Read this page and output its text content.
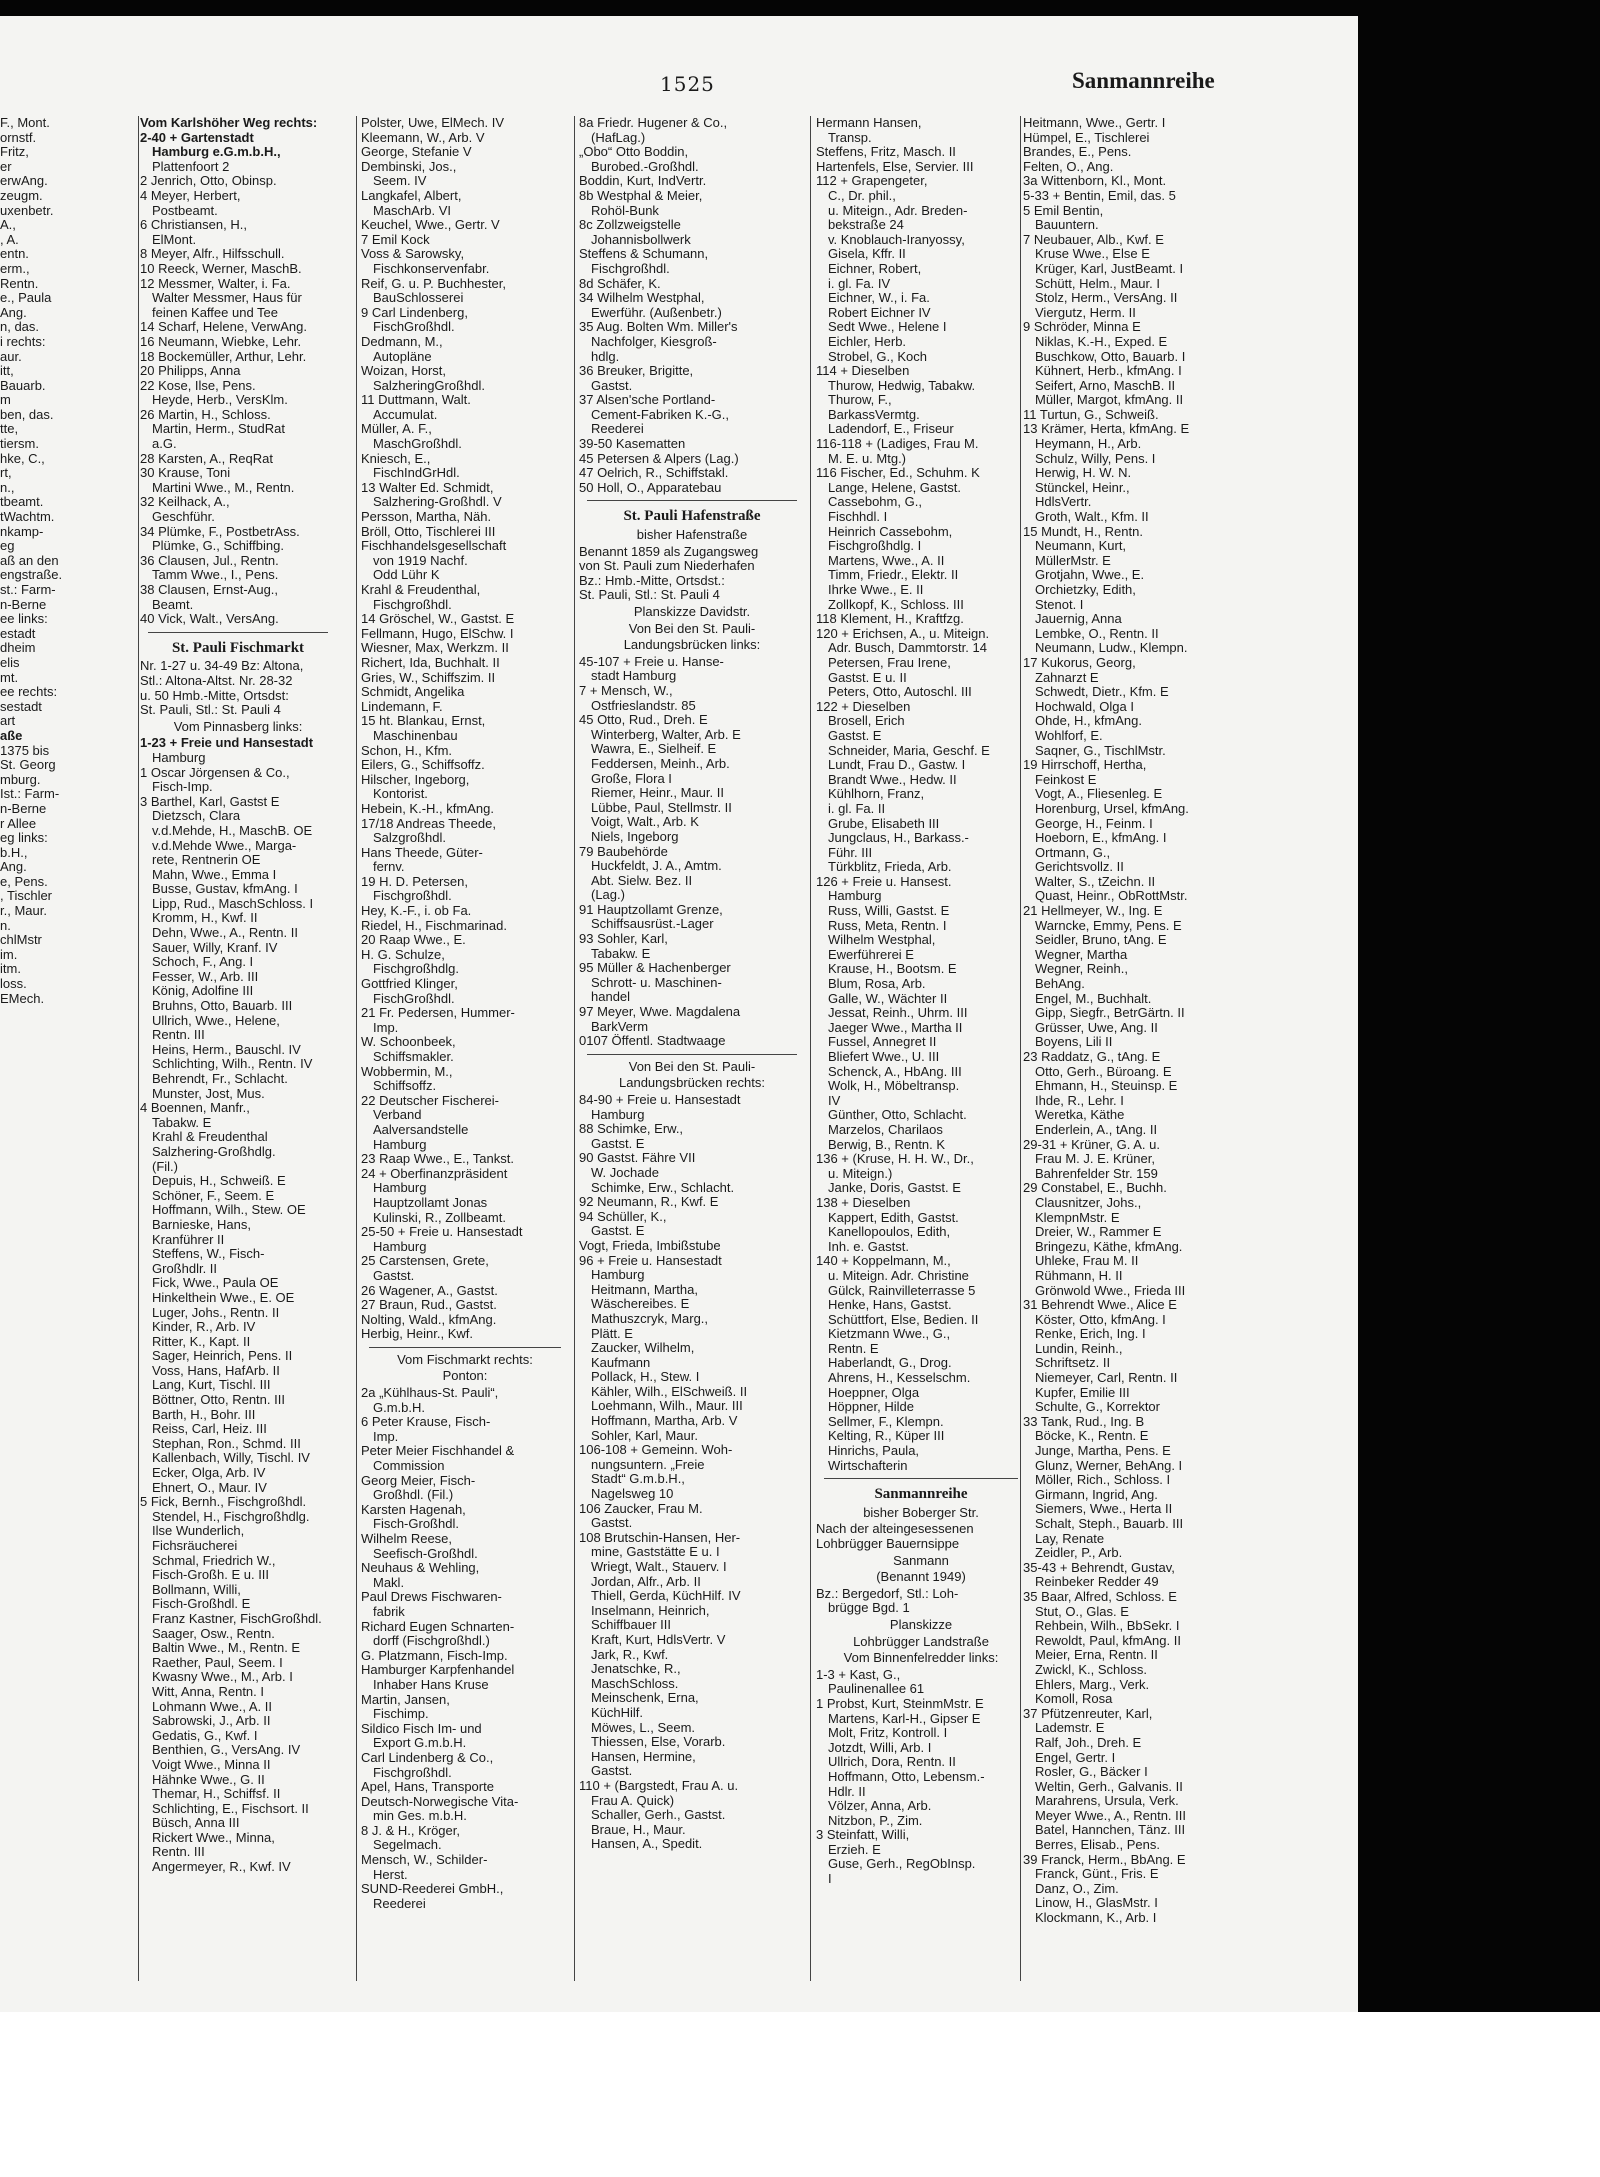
1525	Sanmannreihe
F., Mont.
ornstf.
Fritz,
er
erwAng.
zeugm.
uxenbetr.
A.,
, A.
entn.
erm.,
Rentn.
e., Paula
Ang.
n, das.
i rechts:
aur.
itt,
Bauarb.
m
ben, das.
tte,
tiersm.
hke, C.,
rt,
n.,
tbeamt.
tWachtm.
nkamp-
eg
aß an den
engstraße.
st.: Farm-
n-Berne
ee links:
estadt
dheim
elis
mt.
ee rechts:
sestadt
art
aße
1375 bis
St. Georg
mburg.
Ist.: Farm-
n-Berne
r Allee
eg links:
b.H.,
Ang.
e, Pens.
, Tischler
r., Maur.
n.
chlMstr
im.
itm.
loss.
EMech.
Vom Karlshöher Weg rechts:
2-40 + Gartenstadt
Hamburg e.G.m.b.H.,
Plattenfoort 2
2 Jenrich, Otto, Obinsp.
4 Meyer, Herbert,
Postbeamt.
6 Christiansen, H.,
ElMont.
8 Meyer, Alfr., Hilfsschull.
10 Reeck, Werner, MaschB.
12 Messmer, Walter, i. Fa.
Walter Messmer, Haus für
feinen Kaffee und Tee
14 Scharf, Helene, VerwAng.
16 Neumann, Wiebke, Lehr.
18 Bockemüller, Arthur, Lehr.
20 Philipps, Anna
22 Kose, Ilse, Pens.
Heyde, Herb., VersKlm.
26 Martin, H., Schloss.
Martin, Herm., StudRat
a.G.
28 Karsten, A., ReqRat
30 Krause, Toni
Martini Wwe., M., Rentn.
32 Keilhack, A.,
Geschführ.
34 Plümke, F., PostbetrAss.
Plümke, G., Schiffbing.
36 Clausen, Jul., Rentn.
Tamm Wwe., I., Pens.
38 Clausen, Ernst-Aug.,
Beamt.
40 Vick, Walt., VersAng.
St. Pauli Fischmarkt
Nr. 1-27 u. 34-49 Bz: Altona,
Stl.: Altona-Altst. Nr. 28-32
u. 50 Hmb.-Mitte, Ortsdst:
St. Pauli, Stl.: St. Pauli 4
Vom Pinnasberg links:
1-23 + Freie und Hansestadt
Hamburg
1 Oscar Jörgensen & Co.,
Fisch-Imp.
3 Barthel, Karl, Gastst E
Dietzsch, Clara
v.d.Mehde, H., MaschB. OE
v.d.Mehde Wwe., Marga-
rete, Rentnerin OE
Mahn, Wwe., Emma I
Busse, Gustav, kfmAng. I
Lipp, Rud., MaschSchloss. I
Kromm, H., Kwf. II
Dehn, Wwe., A., Rentn. II
Sauer, Willy, Kranf. IV
Schoch, F., Ang. I
Fesser, W., Arb. III
König, Adolfine III
Bruhns, Otto, Bauarb. III
Ullrich, Wwe., Helene,
Rentn. III
Heins, Herm., Bauschl. IV
Schlichting, Wilh., Rentn. IV
Behrendt, Fr., Schlacht.
Munster, Jost, Mus.
4 Boennen, Manfr.,
Tabakw. E
Krahl & Freudenthal
Salzhering-Großhdlg.
(Fil.)
Depuis, H., Schweiß. E
Schöner, F., Seem. E
Hoffmann, Wilh., Stew. OE
Barnieske, Hans,
Kranführer II
Steffens, W., Fisch-
Großhdlr. II
Fick, Wwe., Paula OE
Hinkelthein Wwe., E. OE
Luger, Johs., Rentn. II
Kinder, R., Arb. IV
Ritter, K., Kapt. II
Sager, Heinrich, Pens. II
Voss, Hans, HafArb. II
Lang, Kurt, Tischl. III
Böttner, Otto, Rentn. III
Barth, H., Bohr. III
Reiss, Carl, Heiz. III
Stephan, Ron., Schmd. III
Kallenbach, Willy, Tischl. IV
Ecker, Olga, Arb. IV
Ehnert, O., Maur. IV
5 Fick, Bernh., Fischgroßhdl.
Stendel, H., Fischgroßhdlg.
Ilse Wunderlich,
Fichsräucherei
Schmal, Friedrich W.,
Fisch-Großh. E u. III
Bollmann, Willi,
Fisch-Großhdl. E
Franz Kastner, FischGroßhdl.
Saager, Osw., Rentn.
Baltin Wwe., M., Rentn. E
Raether, Paul, Seem. I
Kwasny Wwe., M., Arb. I
Witt, Anna, Rentn. I
Lohmann Wwe., A. II
Sabrowski, J., Arb. II
Gedatis, G., Kwf. I
Benthien, G., VersAng. IV
Voigt Wwe., Minna II
Hähnke Wwe., G. II
Themar, H., Schiffsf. II
Schlichting, E., Fischsort. II
Büsch, Anna III
Rickert Wwe., Minna,
Rentn. III
Angermeyer, R., Kwf. IV
Polster, Uwe, ElMech. IV
Kleemann, W., Arb. V
George, Stefanie V
Dembinski, Jos.,
Seem. IV
Langkafel, Albert,
MaschArb. VI
Keuchel, Wwe., Gertr. V
7 Emil Kock
Voss & Sarowsky,
Fischkonservenfabr.
Reif, G. u. P. Buchhester,
BauSchlosserei
9 Carl Lindenberg,
FischGroßhdl.
Dedmann, M.,
Autopläne
Woizan, Horst,
SalzheringGroßhdl.
11 Duttmann, Walt.
Accumulat.
Müller, A. F.,
MaschGroßhdl.
Kniesch, E.,
FischIndGrHdl.
13 Walter Ed. Schmidt,
Salzhering-Großhdl. V
Persson, Martha, Näh.
Bröll, Otto, Tischlerei III
Fischhandelsgesellschaft
von 1919 Nachf.
Odd Lühr K
Krahl & Freudenthal,
Fischgroßhdl.
14 Gröschel, W., Gastst. E
Fellmann, Hugo, ElSchw. I
Wiesner, Max, Werkzm. II
Richert, Ida, Buchhalt. II
Gries, W., Schiffszim. II
Schmidt, Angelika
Lindemann, F.
15 ht. Blankau, Ernst,
Maschinenbau
Schon, H., Kfm.
Eilers, G., Schiffsoffz.
Hilscher, Ingeborg,
Kontorist.
Hebein, K.-H., kfmAng.
17/18 Andreas Theede,
Salzgroßhdl.
Hans Theede, Güter-
fernv.
19 H. D. Petersen,
Fischgroßhdl.
Hey, K.-F., i. ob Fa.
Riedel, H., Fischmarinad.
20 Raap Wwe., E.
H. G. Schulze,
Fischgroßhdlg.
Gottfried Klinger,
FischGroßhdl.
21 Fr. Pedersen, Hummer-
Imp.
W. Schoonbeek,
Schiffsmakler.
Wobbermin, M.,
Schiffsoffz.
22 Deutscher Fischerei-
Verband
Aalversandstelle
Hamburg
23 Raap Wwe., E., Tankst.
24 + Oberfinanzpräsident
Hamburg
Hauptzollamt Jonas
Kulinski, R., Zollbeamt.
25-50 + Freie u. Hansestadt
Hamburg
25 Carstensen, Grete,
Gastst.
26 Wagener, A., Gastst.
27 Braun, Rud., Gastst.
Nolting, Wald., kfmAng.
Herbig, Heinr., Kwf.
Vom Fischmarkt rechts:
Ponton:
2a „Kühlhaus-St. Pauli“,
G.m.b.H.
6 Peter Krause, Fisch-
Imp.
Peter Meier Fischhandel &
Commission
Georg Meier, Fisch-
Großhdl. (Fil.)
Karsten Hagenah,
Fisch-Großhdl.
Wilhelm Reese,
Seefisch-Großhdl.
Neuhaus & Wehling,
Makl.
Paul Drews Fischwaren-
fabrik
Richard Eugen Schnarten-
dorff (Fischgroßhdl.)
G. Platzmann, Fisch-Imp.
Hamburger Karpfenhandel
Inhaber Hans Kruse
Martin, Jansen,
Fischimp.
Sildico Fisch Im- und
Export G.m.b.H.
Carl Lindenberg & Co.,
Fischgroßhdl.
Apel, Hans, Transporte
Deutsch-Norwegische Vita-
min Ges. m.b.H.
8 J. & H., Kröger,
Segelmach.
Mensch, W., Schilder-
Herst.
SUND-Reederei GmbH.,
Reederei
8a Friedr. Hugener & Co.,
(HafLag.)
„Obo“ Otto Boddin,
Burobed.-Großhdl.
Boddin, Kurt, IndVertr.
8b Westphal & Meier,
Rohöl-Bunk
8c Zollzweigstelle
Johannisbollwerk
Steffens & Schumann,
Fischgroßhdl.
8d Schäfer, K.
34 Wilhelm Westphal,
Ewerführ. (Außenbetr.)
35 Aug. Bolten Wm. Miller's
Nachfolger, Kiesgroß-
hdlg.
36 Breuker, Brigitte,
Gastst.
37 Alsen'sche Portland-
Cement-Fabriken K.-G.,
Reederei
39-50 Kasematten
45 Petersen & Alpers (Lag.)
47 Oelrich, R., Schiffstakl.
50 Holl, O., Apparatebau
St. Pauli Hafenstraße
bisher Hafenstraße
Benannt 1859 als Zugangsweg
von St. Pauli zum Niederhafen
Bz.: Hmb.-Mitte, Ortsdst.:
St. Pauli, Stl.: St. Pauli 4
Planskizze Davidstr.
Von Bei den St. Pauli-
Landungsbrücken links:
45-107 + Freie u. Hanse-
stadt Hamburg
7 + Mensch, W.,
Ostfrieslandstr. 85
45 Otto, Rud., Dreh. E
Winterberg, Walter, Arb. E
Wawra, E., Sielheif. E
Feddersen, Meinh., Arb.
Große, Flora I
Riemer, Heinr., Maur. II
Lübbe, Paul, Stellmstr. II
Voigt, Walt., Arb. K
Niels, Ingeborg
79 Baubehörde
Huckfeldt, J. A., Amtm.
Abt. Sielw. Bez. II
(Lag.)
91 Hauptzollamt Grenze,
Schiffsausrüst.-Lager
93 Sohler, Karl,
Tabakw. E
95 Müller & Hachenberger
Schrott- u. Maschinen-
handel
97 Meyer, Wwe. Magdalena
BarkVerm
0107 Öffentl. Stadtwaage
Von Bei den St. Pauli-
Landungsbrücken rechts:
84-90 + Freie u. Hansestadt
Hamburg
88 Schimke, Erw.,
Gastst. E
90 Gastst. Fähre VII
W. Jochade
Schimke, Erw., Schlacht.
92 Neumann, R., Kwf. E
94 Schüller, K.,
Gastst. E
Vogt, Frieda, Imbißstube
96 + Freie u. Hansestadt
Hamburg
Heitmann, Martha,
Wäschereibes. E
Mathuszcryk, Marg.,
Plätt. E
Zaucker, Wilhelm,
Kaufmann
Pollack, H., Stew. I
Kähler, Wilh., ElSchweiß. II
Loehmann, Wilh., Maur. III
Hoffmann, Martha, Arb. V
Sohler, Karl, Maur.
106-108 + Gemeinn. Woh-
nungsuntern. „Freie
Stadt“ G.m.b.H.,
Nagelsweg 10
106 Zaucker, Frau M.
Gastst.
108 Brutschin-Hansen, Her-
mine, Gaststätte E u. I
Wriegt, Walt., Stauerv. I
Jordan, Alfr., Arb. II
Thiell, Gerda, KüchHilf. IV
Inselmann, Heinrich,
Schiffbauer III
Kraft, Kurt, HdlsVertr. V
Jark, R., Kwf.
Jenatschke, R.,
MaschSchloss.
Meinschenk, Erna,
KüchHilf.
Möwes, L., Seem.
Thiessen, Else, Vorarb.
Hansen, Hermine,
Gastst.
110 + (Bargstedt, Frau A. u.
Frau A. Quick)
Schaller, Gerh., Gastst.
Braue, H., Maur.
Hansen, A., Spedit.
Hermann Hansen,
Transp.
Steffens, Fritz, Masch. II
Hartenfels, Else, Servier. III
112 + Grapengeter,
C., Dr. phil.,
u. Miteign., Adr. Breden-
bekstraße 24
v. Knoblauch-Iranyossy,
Gisela, Kffr. II
Eichner, Robert,
i. gl. Fa. IV
Eichner, W., i. Fa.
Robert Eichner IV
Sedt Wwe., Helene I
Eichler, Herb.
Strobel, G., Koch
114 + Dieselben
Thurow, Hedwig, Tabakw.
Thurow, F.,
BarkassVermtg.
Ladendorf, E., Friseur
116-118 + (Ladiges, Frau M.
M. E. u. Mtg.)
116 Fischer, Ed., Schuhm. K
Lange, Helene, Gastst.
Cassebohm, G.,
Fischhdl. I
Heinrich Cassebohm,
Fischgroßhdlg. I
Martens, Wwe., A. II
Timm, Friedr., Elektr. II
Ihrke Wwe., E. II
Zollkopf, K., Schloss. III
118 Klement, H., Kraftfzg.
120 + Erichsen, A., u. Miteign.
Adr. Busch, Dammtorstr. 14
Petersen, Frau Irene,
Gastst. E u. II
Peters, Otto, Autoschl. III
122 + Dieselben
Brosell, Erich
Gastst. E
Schneider, Maria, Geschf. E
Lundt, Frau D., Gastw. I
Brandt Wwe., Hedw. II
Kühlhorn, Franz,
i. gl. Fa. II
Grube, Elisabeth III
Jungclaus, H., Barkass.-
Führ. III
Türkblitz, Frieda, Arb.
126 + Freie u. Hansest.
Hamburg
Russ, Willi, Gastst. E
Russ, Meta, Rentn. I
Wilhelm Westphal,
Ewerführerei E
Krause, H., Bootsm. E
Blum, Rosa, Arb.
Galle, W., Wächter II
Jessat, Reinh., Uhrm. III
Jaeger Wwe., Martha II
Fussel, Annegret II
Bliefert Wwe., U. III
Schenck, A., HbAng. III
Wolk, H., Möbeltransp.
IV
Günther, Otto, Schlacht.
Marzelos, Charilaos
Berwig, B., Rentn. K
136 + (Kruse, H. H. W., Dr.,
u. Miteign.)
Janke, Doris, Gastst. E
138 + Dieselben
Kappert, Edith, Gastst.
Kanellopoulos, Edith,
Inh. e. Gastst.
140 + Koppelmann, M.,
u. Miteign. Adr. Christine
Gülck, Rainvilleterrasse 5
Henke, Hans, Gastst.
Schüttfort, Else, Bedien. II
Kietzmann Wwe., G.,
Rentn. E
Haberlandt, G., Drog.
Ahrens, H., Kesselschm.
Hoeppner, Olga
Höppner, Hilde
Sellmer, F., Klempn.
Kelting, R., Küper III
Hinrichs, Paula,
Wirtschafterin
Sanmannreihe
bisher Boberger Str.
Nach der alteingesessenen
Lohbrügger Bauernsippe
Sanmann
(Benannt 1949)
Bz.: Bergedorf, Stl.: Loh-
brügge Bgd. 1
Planskizze
Lohbrügger Landstraße
Vom Binnenfelredder links:
1-3 + Kast, G.,
Paulinenallee 61
1 Probst, Kurt, SteinmMstr. E
Martens, Karl-H., Gipser E
Molt, Fritz, Kontroll. I
Jotzdt, Willi, Arb. I
Ullrich, Dora, Rentn. II
Hoffmann, Otto, Lebensm.-
Hdlr. II
Völzer, Anna, Arb.
Nitzbon, P., Zim.
3 Steinfatt, Willi,
Erzieh. E
Guse, Gerh., RegObInsp.
I
Heitmann, Wwe., Gertr. I
Hümpel, E., Tischlerei
Brandes, E., Pens.
Felten, O., Ang.
3a Wittenborn, Kl., Mont.
5-33 + Bentin, Emil, das. 5
5 Emil Bentin,
Bauuntern.
7 Neubauer, Alb., Kwf. E
Kruse Wwe., Else E
Krüger, Karl, JustBeamt. I
Schütt, Helm., Maur. I
Stolz, Herm., VersAng. II
Viergutz, Herm. II
9 Schröder, Minna E
Niklas, K.-H., Exped. E
Buschkow, Otto, Bauarb. I
Kühnert, Herb., kfmAng. I
Seifert, Arno, MaschB. II
Müller, Margot, kfmAng. II
11 Turtun, G., Schweiß.
13 Krämer, Herta, kfmAng. E
Heymann, H., Arb.
Schulz, Willy, Pens. I
Herwig, H. W. N.
Stünckel, Heinr.,
HdlsVertr.
Groth, Walt., Kfm. II
15 Mundt, H., Rentn.
Neumann, Kurt,
MüllerMstr. E
Grotjahn, Wwe., E.
Orchietzky, Edith,
Stenot. I
Jauernig, Anna
Lembke, O., Rentn. II
Neumann, Ludw., Klempn.
17 Kukorus, Georg,
Zahnarzt E
Schwedt, Dietr., Kfm. E
Hochwald, Olga I
Ohde, H., kfmAng.
Wohlforf, E.
Saqner, G., TischlMstr.
19 Hirrschoff, Hertha,
Feinkost E
Vogt, A., Fliesenleg. E
Horenburg, Ursel, kfmAng.
George, H., Feinm. I
Hoeborn, E., kfmAng. I
Ortmann, G.,
Gerichtsvollz. II
Walter, S., tZeichn. II
Quast, Heinr., ObRottMstr.
21 Hellmeyer, W., Ing. E
Warncke, Emmy, Pens. E
Seidler, Bruno, tAng. E
Wegner, Martha
Wegner, Reinh.,
BehAng.
Engel, M., Buchhalt.
Gipp, Siegfr., BetrGärtn. II
Grüsser, Uwe, Ang. II
Boyens, Lili II
23 Raddatz, G., tAng. E
Otto, Gerh., Büroang. E
Ehmann, H., Steuinsp. E
Ihde, R., Lehr. I
Weretka, Käthe
Enderlein, A., tAng. II
29-31 + Krüner, G. A. u.
Frau M. J. E. Krüner,
Bahrenfelder Str. 159
29 Constabel, E., Buchh.
Clausnitzer, Johs.,
KlempnMstr. E
Dreier, W., Rammer E
Bringezu, Käthe, kfmAng.
Uhleke, Frau M. II
Rühmann, H. II
Grönwold Wwe., Frieda III
31 Behrendt Wwe., Alice E
Köster, Otto, kfmAng. I
Renke, Erich, Ing. I
Lundin, Reinh.,
Schriftsetz. II
Niemeyer, Carl, Rentn. II
Kupfer, Emilie III
Schulte, G., Korrektor
33 Tank, Rud., Ing. B
Böcke, K., Rentn. E
Junge, Martha, Pens. E
Glunz, Werner, BehAng. I
Möller, Rich., Schloss. I
Girmann, Ingrid, Ang.
Siemers, Wwe., Herta II
Schalt, Steph., Bauarb. III
Lay, Renate
Zeidler, P., Arb.
35-43 + Behrendt, Gustav,
Reinbeker Redder 49
35 Baar, Alfred, Schloss. E
Stut, O., Glas. E
Rehbein, Wilh., BbSekr. I
Rewoldt, Paul, kfmAng. II
Meier, Erna, Rentn. II
Zwickl, K., Schloss.
Ehlers, Marg., Verk.
Komoll, Rosa
37 Pfützenreuter, Karl,
Lademstr. E
Ralf, Joh., Dreh. E
Engel, Gertr. I
Rosler, G., Bäcker I
Weltin, Gerh., Galvanis. II
Marahrens, Ursula, Verk.
Meyer Wwe., A., Rentn. III
Batel, Hannchen, Tänz. III
Berres, Elisab., Pens.
39 Franck, Herm., BbAng. E
Franck, Günt., Fris. E
Danz, O., Zim.
Linow, H., GlasMstr. I
Klockmann, K., Arb. I
